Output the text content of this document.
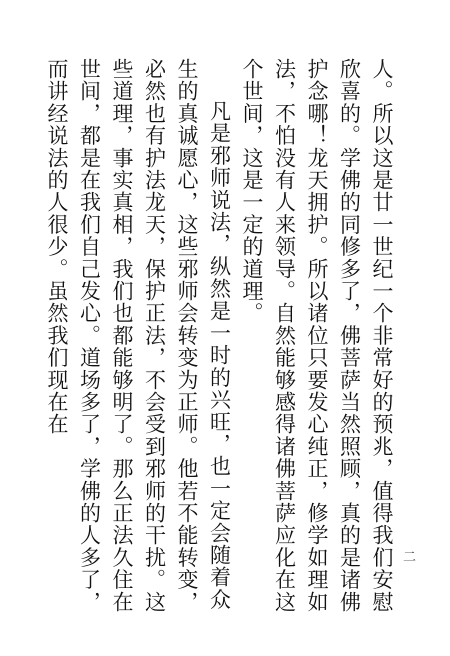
人。所以这是廿一世纪一个非常好的预兆，值得我们安慰欣喜的。学佛的同修多了，佛菩萨当然照顾，真的是诸佛护念哪！龙天拥护。所以诸位只要发心纯正，修学如理如法，不怕没有人来领导。自然能够感得诸佛菩萨应化在这个世间，这是一定的道理。

凡是邪师说法，纵然是一时的兴旺，也一定会随着众生的真诚愿心，这些邪师会转变为正师。他若不能转变，必然也有护法龙天，保护正法，不会受到邪师的干扰。这些道理，事实真相，我们也都能够明了。那么正法久住在世间，都是在我们自己发心。道场多了，学佛的人多了，而讲经说法的人很少。虽然我们现在在

二
